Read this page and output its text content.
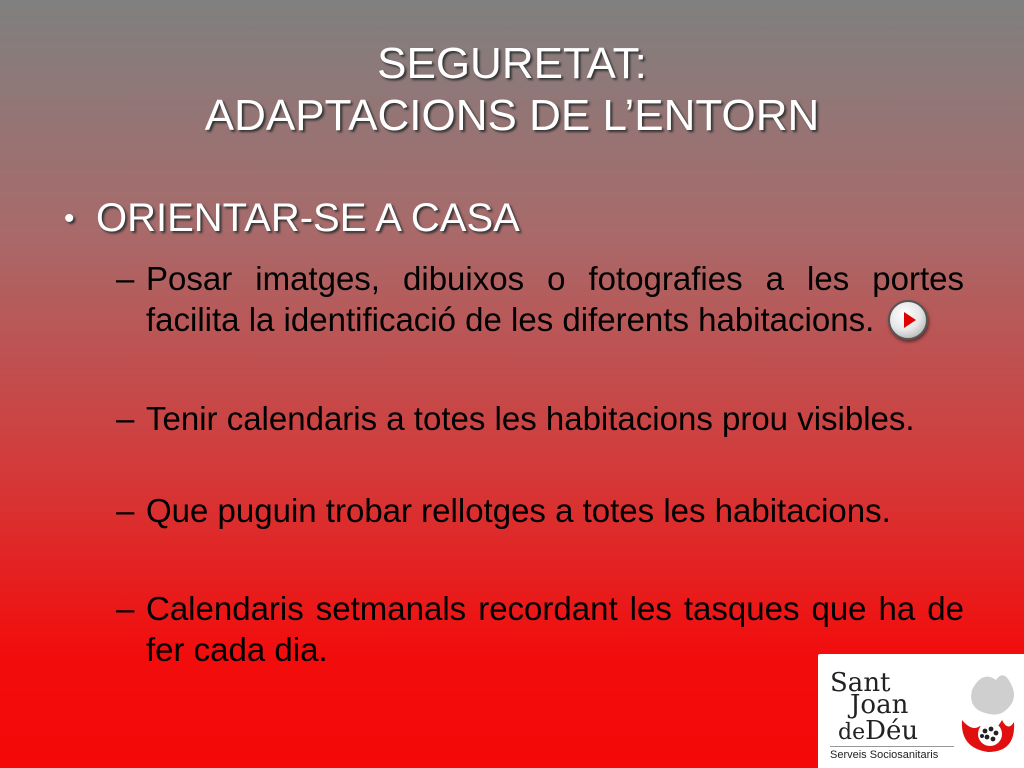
SEGURETAT:
ADAPTACIONS DE L’ENTORN
• ORIENTAR-SE A CASA
– Posar imatges, dibuixos o fotografies a les portes facilita la identificació de les diferents habitacions.
– Tenir calendaris a totes les habitacions prou visibles.
– Que puguin trobar rellotges a totes les habitacions.
– Calendaris setmanals recordant les tasques que ha de fer cada dia.
Sant
Joan
deDéu
Serveis Sociosanitaris
